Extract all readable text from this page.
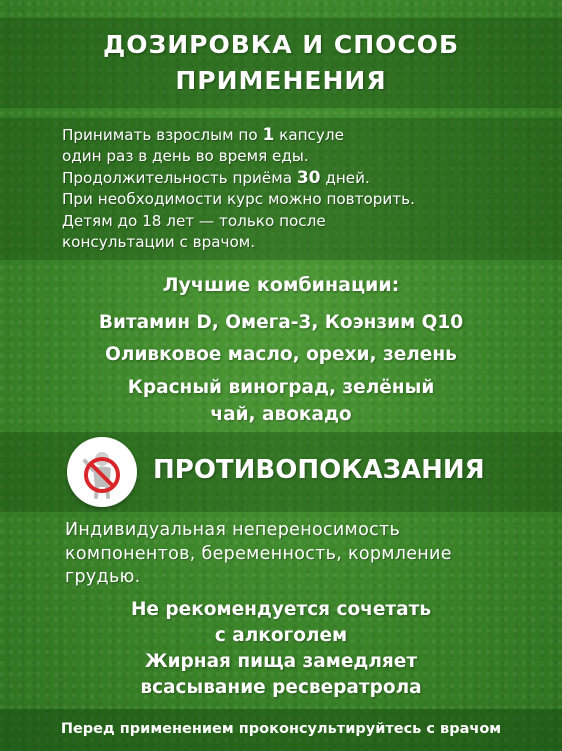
ДОЗИРОВКА И СПОСОБ
ПРИМЕНЕНИЯ
Принимать взрослым по 1 капсуле
один раз в день во время еды.
Продолжительность приёма 30 дней.
При необходимости курс можно повторить.
Детям до 18 лет — только после
консультации с врачом.
Лучшие комбинации:
Витамин D, Омега-3, Коэнзим Q10
Оливковое масло, орехи, зелень
Красный виноград, зелёный
чай, авокадо
ПРОТИВОПОКАЗАНИЯ
Индивидуальная непереносимость
компонентов, беременность, кормление
грудью.
Не рекомендуется сочетать
с алкоголем
Жирная пища замедляет
всасывание ресвератрола
Перед применением проконсультируйтесь с врачом
